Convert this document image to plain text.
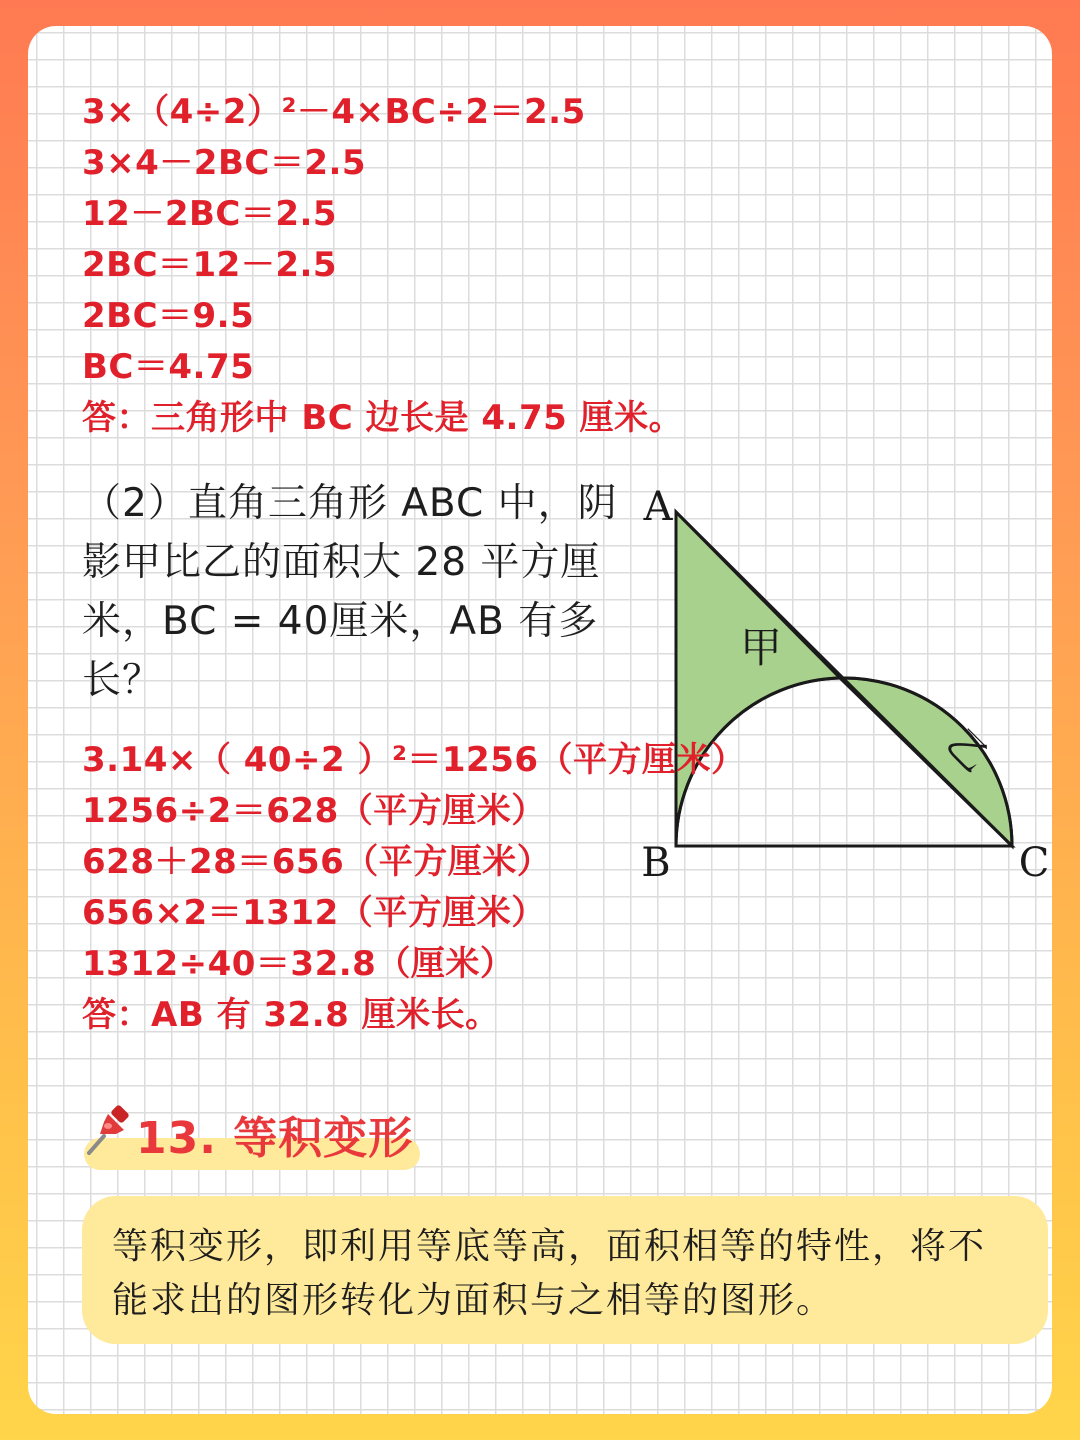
3×（4÷2）²－4×BC÷2＝2.5

3×4－2BC＝2.5

12－2BC＝2.5

2BC＝12－2.5

2BC＝9.5

BC＝4.75

答：三角形中 BC 边长是 4.75 厘米。

（2）直角三角形 ABC 中，阴影甲比乙的面积大 28 平方厘米，BC = 40厘米，AB 有多长？

A
B	C
甲
乙

3.14×（ 40÷2 ）²＝1256（平方厘米）

1256÷2＝628（平方厘米）

628＋28＝656（平方厘米）

656×2＝1312（平方厘米）

1312÷40＝32.8（厘米）

答：AB 有 32.8 厘米长。

13. 等积变形

等积变形，即利用等底等高，面积相等的特性，将不能求出的图形转化为面积与之相等的图形。
